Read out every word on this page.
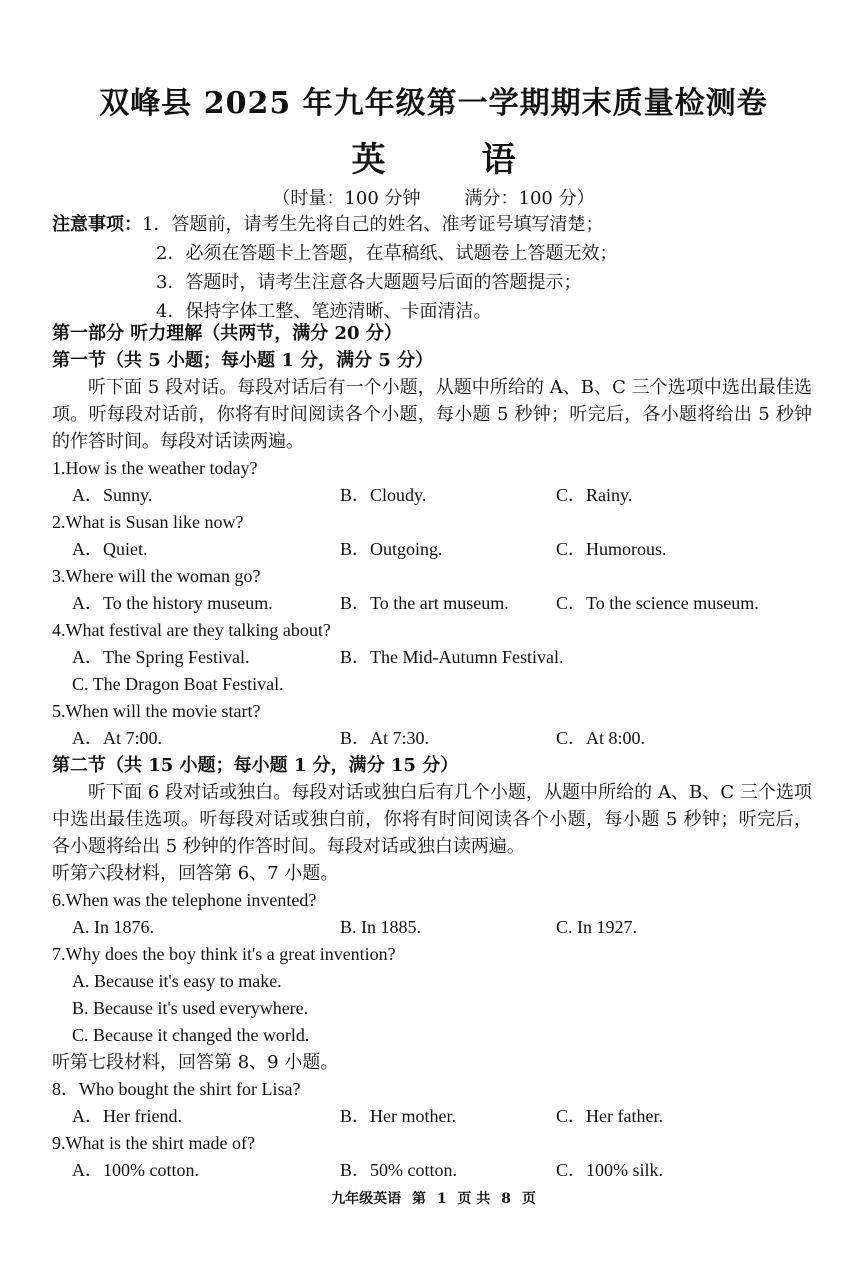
双峰县 2025 年九年级第一学期期末质量检测卷
英	语
（时量：100 分钟 满分：100 分）
注意事项：1．答题前，请考生先将自己的姓名、准考证号填写清楚；
2．必须在答题卡上答题，在草稿纸、试题卷上答题无效；
3．答题时，请考生注意各大题题号后面的答题提示；
4．保持字体工整、笔迹清晰、卡面清洁。
第一部分 听力理解（共两节，满分 20 分）
第一节（共 5 小题；每小题 1 分，满分 5 分）

听下面 5 段对话。每段对话后有一个小题，从题中所给的 A、B、C 三个选项中选出最佳选项。听每段对话前，你将有时间阅读各个小题，每小题 5 秒钟；听完后，各小题将给出 5 秒钟的作答时间。每段对话读两遍。

1.How is the weather today?
A．Sunny.	B．Cloudy.	C．Rainy.
2.What is Susan like now?
A．Quiet.	B．Outgoing.	C．Humorous.
3.Where will the woman go?
A．To the history museum.	B．To the art museum.	C．To the science museum.
4.What festival are they talking about?
A．The Spring Festival.	B．The Mid-Autumn Festival.
C. The Dragon Boat Festival.
5.When will the movie start?
A．At 7:00.	B．At 7:30.	C．At 8:00.
第二节（共 15 小题；每小题 1 分，满分 15 分）

听下面 6 段对话或独白。每段对话或独白后有几个小题，从题中所给的 A、B、C 三个选项中选出最佳选项。听每段对话或独白前，你将有时间阅读各个小题，每小题 5 秒钟；听完后，各小题将给出 5 秒钟的作答时间。每段对话或独白读两遍。

听第六段材料，回答第 6、7 小题。
6.When was the telephone invented?
A. In 1876.	B. In 1885.	C. In 1927.
7.Why does the boy think it's a great invention?
A. Because it's easy to make.
B. Because it's used everywhere.
C. Because it changed the world.
听第七段材料，回答第 8、9 小题。
8．Who bought the shirt for Lisa?
A．Her friend.	B．Her mother.	C．Her father.
9.What is the shirt made of?
A．100% cotton.	B．50% cotton.	C．100% silk.
九年级英语 第 1 页 共 8 页
